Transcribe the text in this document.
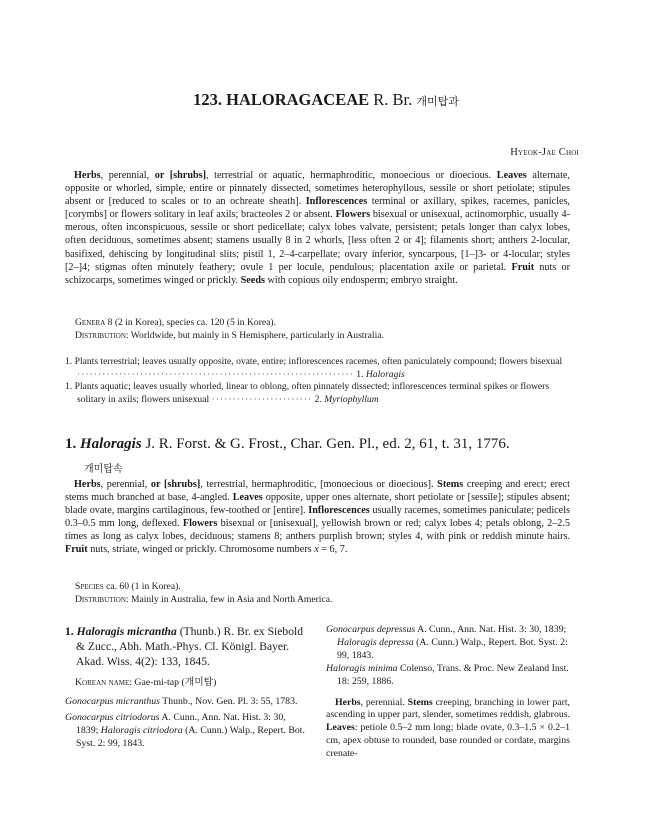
123. HALORAGACEAE R. Br. 개미탑과
Hyeok-Jae Choi
Herbs, perennial, or [shrubs], terrestrial or aquatic, hermaphroditic, monoecious or dioecious. Leaves alternate, opposite or whorled, simple, entire or pinnately dissected, sometimes heterophyllous, sessile or short petiolate; stipules absent or [reduced to scales or to an ochreate sheath]. Inflorescences terminal or axillary, spikes, racemes, panicles, [corymbs] or flowers solitary in leaf axils; bracteoles 2 or absent. Flowers bisexual or unisexual, actinomorphic, usually 4-merous, often inconspicuous, sessile or short pedicellate; calyx lobes valvate, persistent; petals longer than calyx lobes, often deciduous, sometimes absent; stamens usually 8 in 2 whorls, [less often 2 or 4]; filaments short; anthers 2-locular, basifixed, dehiscing by longitudinal slits; pistil 1, 2–4-carpellate; ovary inferior, syncarpous, [1–]3- or 4-locular; styles [2–]4; stigmas often minutely feathery; ovule 1 per locule, pendulous; placentation axile or parietal. Fruit nuts or schizocarps, sometimes winged or prickly. Seeds with copious oily endosperm; embryo straight.
Genera 8 (2 in Korea), species ca. 120 (5 in Korea).
Distribution: Worldwide, but mainly in S Hemisphere, particularly in Australia.
1. Plants terrestrial; leaves usually opposite, ovate, entire; inflorescences racemes, often paniculately compound; flowers bisexual ·································································· 1. Haloragis
1. Plants aquatic; leaves usually whorled, linear to oblong, often pinnately dissected; inflorescences terminal spikes or flowers solitary in axils; flowers unisexual ························ 2. Myriophyllum
1. Haloragis J. R. Forst. & G. Frost., Char. Gen. Pl., ed. 2, 61, t. 31, 1776.
개미탑속
Herbs, perennial, or [shrubs], terrestrial, hermaphroditic, [monoecious or dioecious]. Stems creeping and erect; erect stems much branched at base, 4-angled. Leaves opposite, upper ones alternate, short petiolate or [sessile]; stipules absent; blade ovate, margins cartilaginous, few-toothed or [entire]. Inflorescences usually racemes, sometimes paniculate; pedicels 0.3–0.5 mm long, deflexed. Flowers bisexual or [unisexual], yellowish brown or red; calyx lobes 4; petals oblong, 2–2.5 times as long as calyx lobes, deciduous; stamens 8; anthers purplish brown; styles 4, with pink or reddish minute hairs. Fruit nuts, striate, winged or prickly. Chromosome numbers x = 6, 7.
Species ca. 60 (1 in Korea).
Distribution: Mainly in Australia, few in Asia and North America.

1. Haloragis micrantha (Thunb.) R. Br. ex Siebold & Zucc., Abh. Math.-Phys. Cl. Königl. Bayer. Akad. Wiss. 4(2): 133, 1845.

Korean name: Gae-mi-tap (개미탑)

Gonocarpus micranthus Thunb., Nov. Gen. Pl. 3: 55, 1783.

Gonocarpus citriodorus A. Cunn., Ann. Nat. Hist. 3: 30, 1839; Haloragis citriodora (A. Cunn.) Walp., Repert. Bot. Syst. 2: 99, 1843.

Gonocarpus depressus A. Cunn., Ann. Nat. Hist. 3: 30, 1839; Haloragis depressa (A. Cunn.) Walp., Repert. Bot. Syst. 2: 99, 1843.

Haloragis minima Colenso, Trans. & Proc. New Zealand Inst. 18: 259, 1886.

Herbs, perennial. Stems creeping, branching in lower part, ascending in upper part, slender, sometimes reddish, glabrous. Leaves: petiole 0.5–2 mm long; blade ovate, 0.3–1.5 × 0.2–1 cm, apex obtuse to rounded, base rounded or cordate, margins crenate-
